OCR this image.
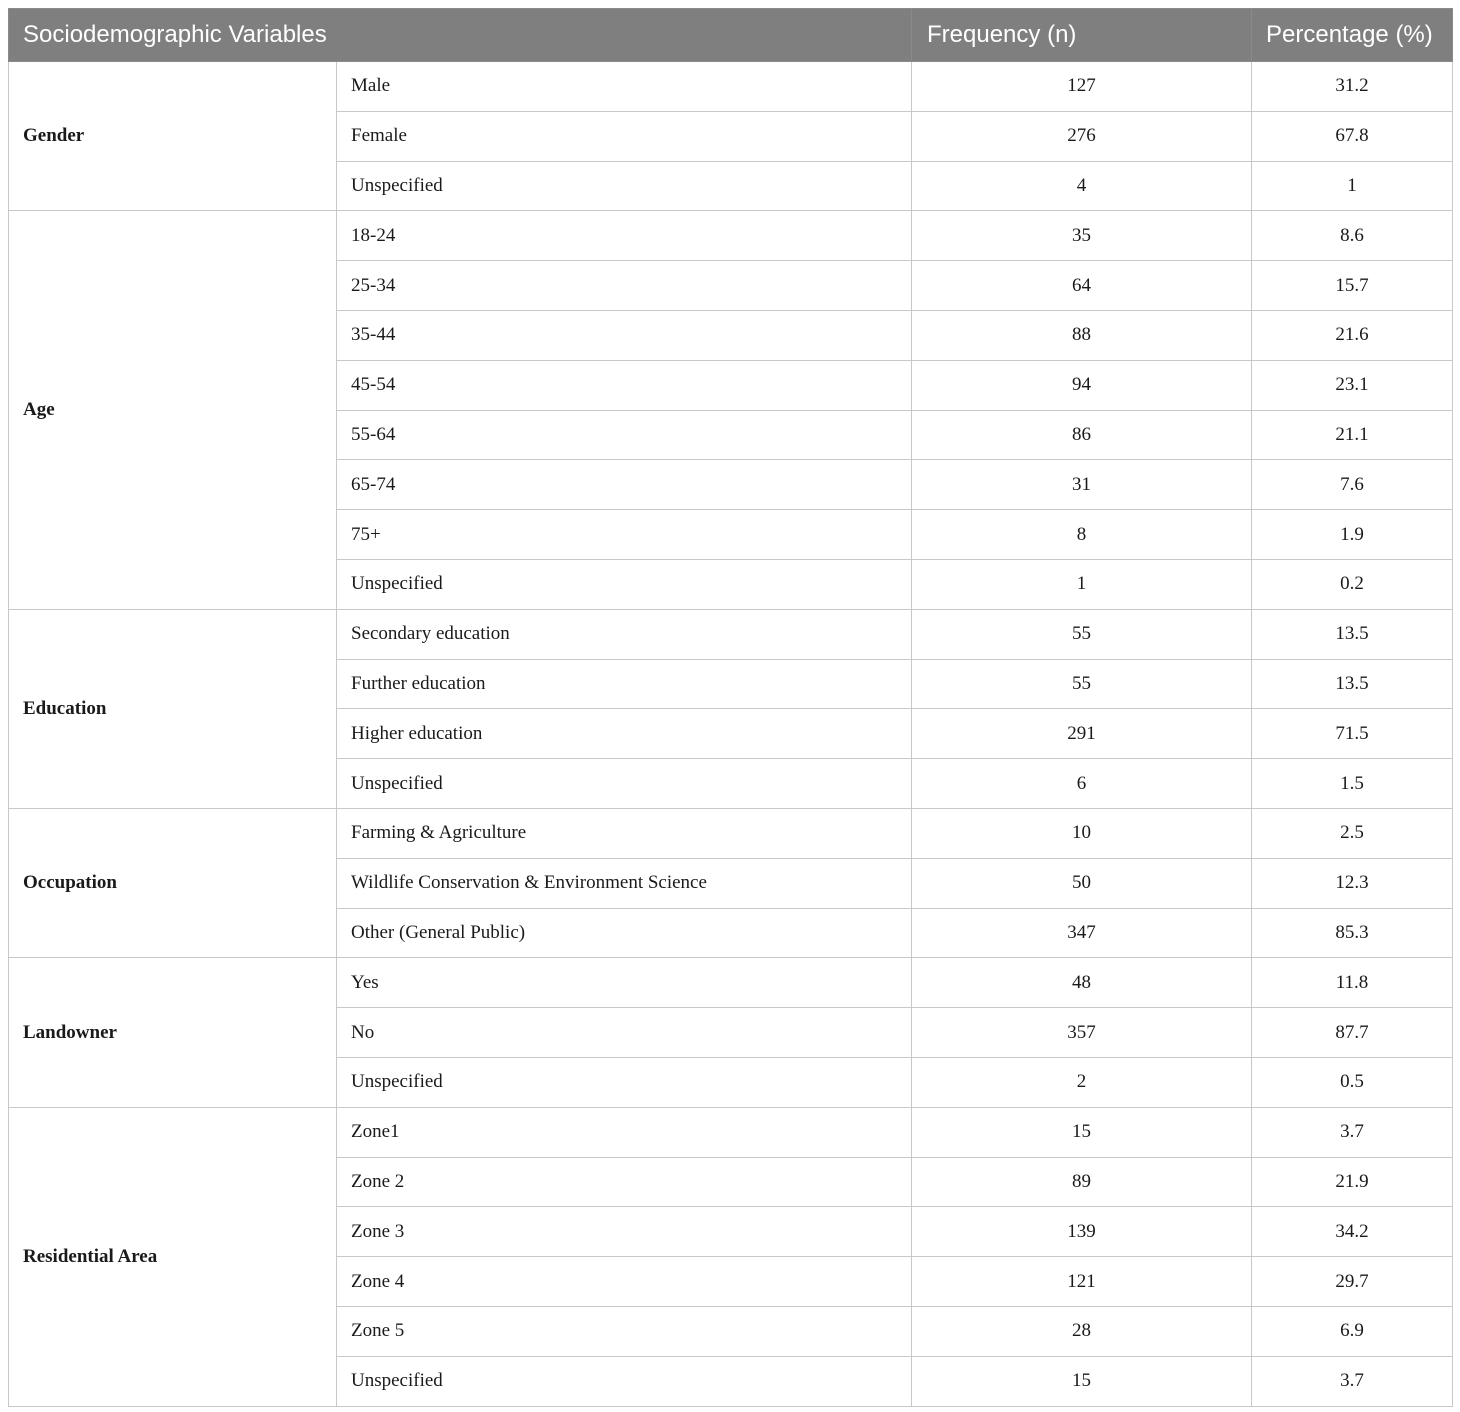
Sociodemographic Variables		Frequency (n)	Percentage (%)
Gender	Male	127	31.2
	Female	276	67.8
	Unspecified	4	1
Age	18-24	35	8.6
	25-34	64	15.7
	35-44	88	21.6
	45-54	94	23.1
	55-64	86	21.1
	65-74	31	7.6
	75+	8	1.9
	Unspecified	1	0.2
Education	Secondary education	55	13.5
	Further education	55	13.5
	Higher education	291	71.5
	Unspecified	6	1.5
Occupation	Farming & Agriculture	10	2.5
	Wildlife Conservation & Environment Science	50	12.3
	Other (General Public)	347	85.3
Landowner	Yes	48	11.8
	No	357	87.7
	Unspecified	2	0.5
Residential Area	Zone1	15	3.7
	Zone 2	89	21.9
	Zone 3	139	34.2
	Zone 4	121	29.7
	Zone 5	28	6.9
	Unspecified	15	3.7
